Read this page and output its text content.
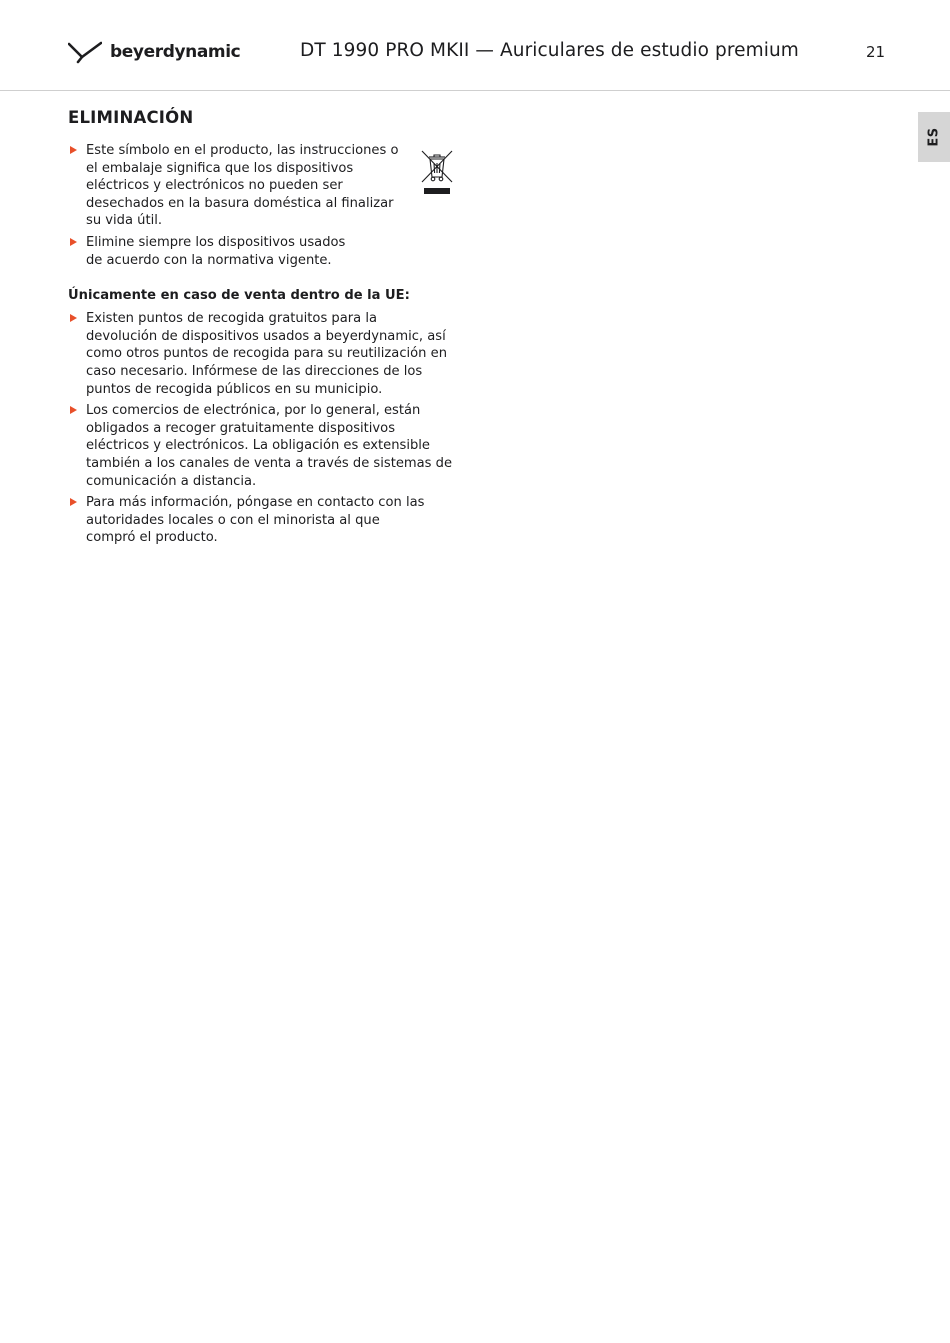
beyerdynamic	DT 1990 PRO MKII — Auriculares de estudio premium	21
ES
ELIMINACIÓN
Este símbolo en el producto, las instrucciones o el embalaje significa que los dispositivos eléctricos y electrónicos no pueden ser desechados en la basura doméstica al finalizar su vida útil.
Elimine siempre los dispositivos usados de acuerdo con la normativa vigente.
Únicamente en caso de venta dentro de la UE:
Existen puntos de recogida gratuitos para la devolución de dispositivos usados a beyerdynamic, así como otros puntos de recogida para su reutilización en caso necesario. Infórmese de las direcciones de los puntos de recogida públicos en su municipio.
Los comercios de electrónica, por lo general, están obligados a recoger gratuitamente dispositivos eléctricos y electrónicos. La obligación es extensible también a los canales de venta a través de sistemas de comunicación a distancia.
Para más información, póngase en contacto con las autoridades locales o con el minorista al que compró el producto.
